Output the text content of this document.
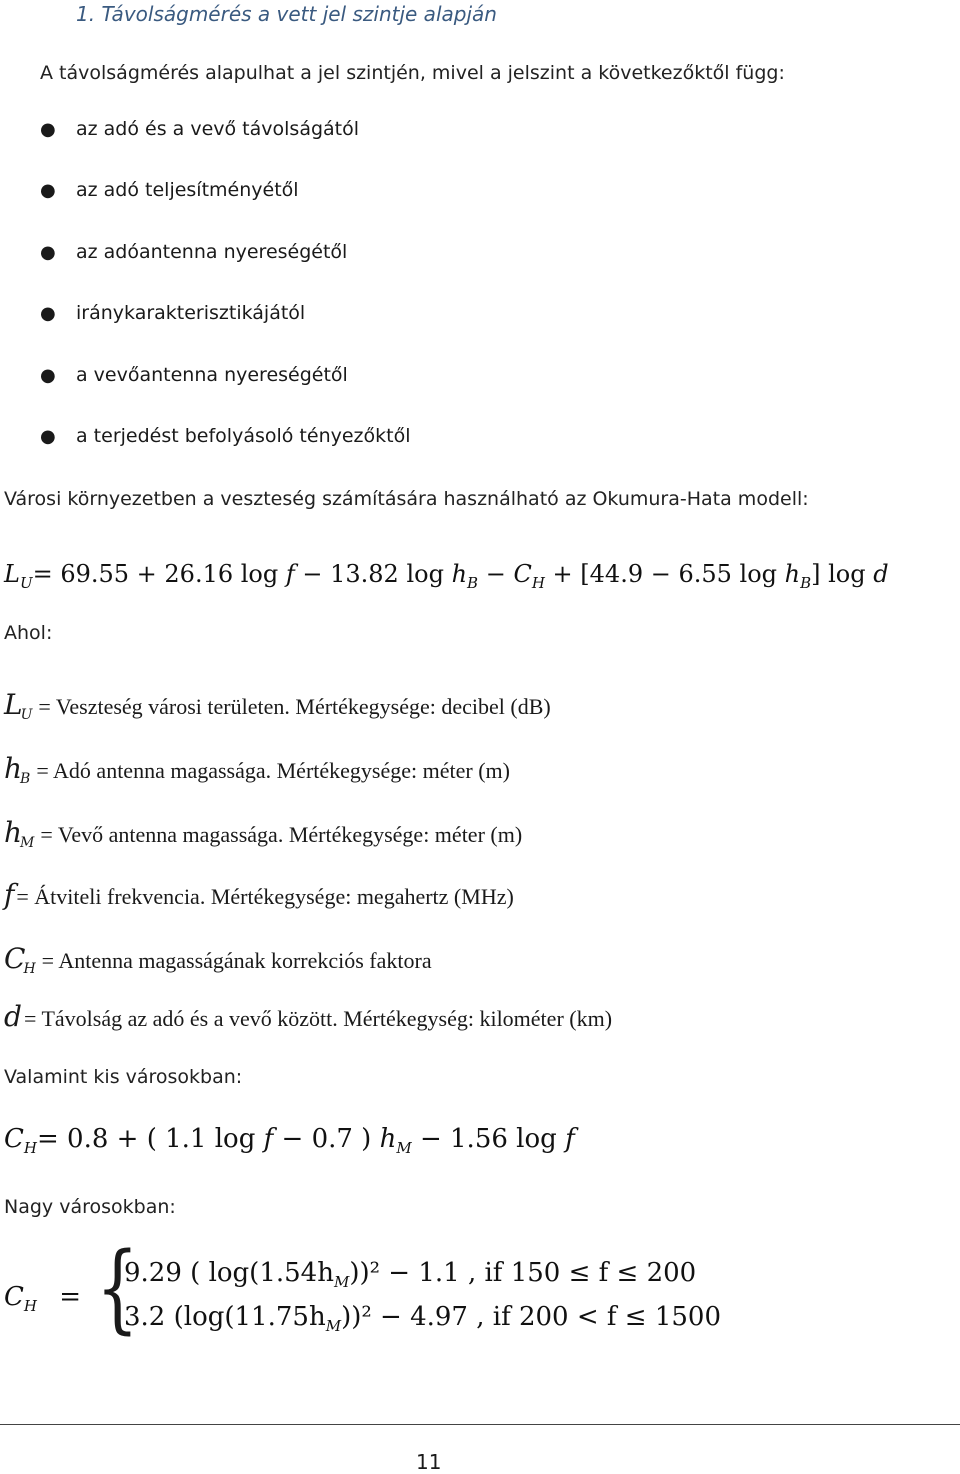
1. Távolságmérés a vett jel szintje alapján
A távolságmérés alapulhat a jel szintjén, mivel a jelszint a következőktől függ:
●	az adó és a vevő távolságától
●	az adó teljesítményétől
●	az adóantenna nyereségétől
●	iránykarakterisztikájától
●	a vevőantenna nyereségétől
●	a terjedést befolyásoló tényezőktől
Városi környezetben a veszteség számítására használható az Okumura-Hata modell:
$L_U= 69.55 + 26.16$ log f − 13.82 $\log h_B - C_H + [44.9 - 6.55$ $\log h_B$] log d
Ahol:
$L_U$ = Veszteség városi területen. Mértékegysége: decibel (dB)
$h_B$ = Adó antenna magassága. Mértékegysége: méter (m)
$h_M$ = Vevő antenna magassága. Mértékegysége: méter (m)
f= Átviteli frekvencia. Mértékegysége: megahertz (MHz)
$C_H$ = Antenna magasságának korrekciós faktora
d= Távolság az adó és a vevő között. Mértékegység: kilométer (km)
Valamint kis városokban:
$C_H= 0.8$ + ( 1.1 log f − 0.7 ) $h_M - 1.56$ log f
Nagy városokban:
$C_H$ = {
9.29 ( $\log(1.54h_M))^2 - 1.1$ , if 150 ≤ f ≤ 200
3.2 $(\log(11.75h_M))^2 - 4.97$ , if 200 < f ≤ 1500
11
